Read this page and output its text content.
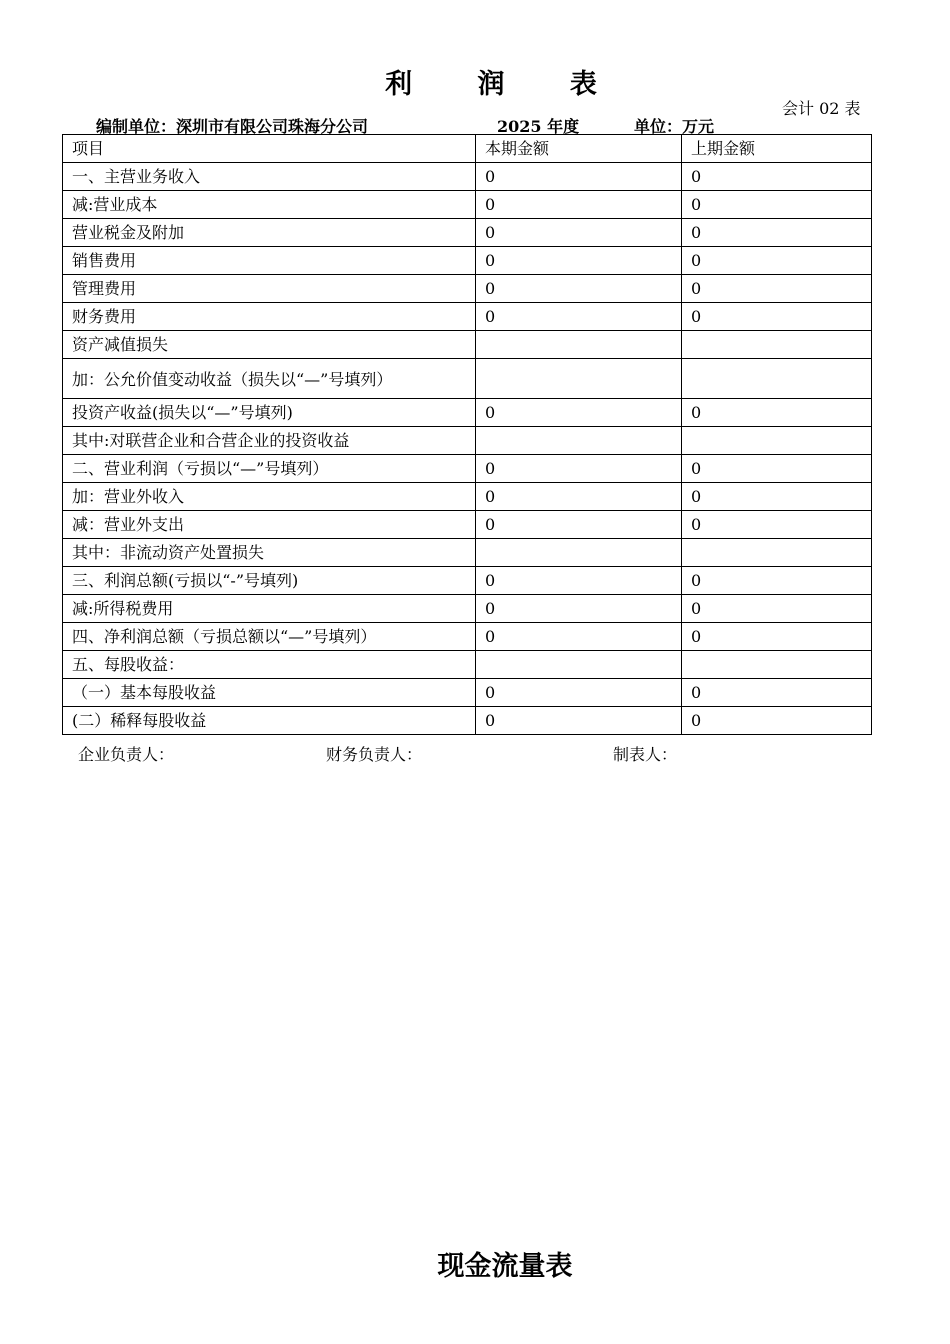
利 润 表
会计 02 表
编制单位：深圳市有限公司珠海分公司	2025 年度	单位：万元
项目	本期金额	上期金额
一、主营业务收入	0	0
减:营业成本	0	0
营业税金及附加	0	0
销售费用	0	0
管理费用	0	0
财务费用	0	0
资产减值损失		
加：公允价值变动收益（损失以“—”号填列）		
投资产收益(损失以“—”号填列)	0	0
其中:对联营企业和合营企业的投资收益		
二、营业利润（亏损以“—”号填列）	0	0
加：营业外收入	0	0
减：营业外支出	0	0
其中：非流动资产处置损失		
三、利润总额(亏损以“-”号填列)	0	0
减:所得税费用	0	0
四、净利润总额（亏损总额以“—”号填列）	0	0
五、每股收益：		
（一）基本每股收益	0	0
(二）稀释每股收益	0	0
企业负责人：	财务负责人：	制表人：
现金流量表
